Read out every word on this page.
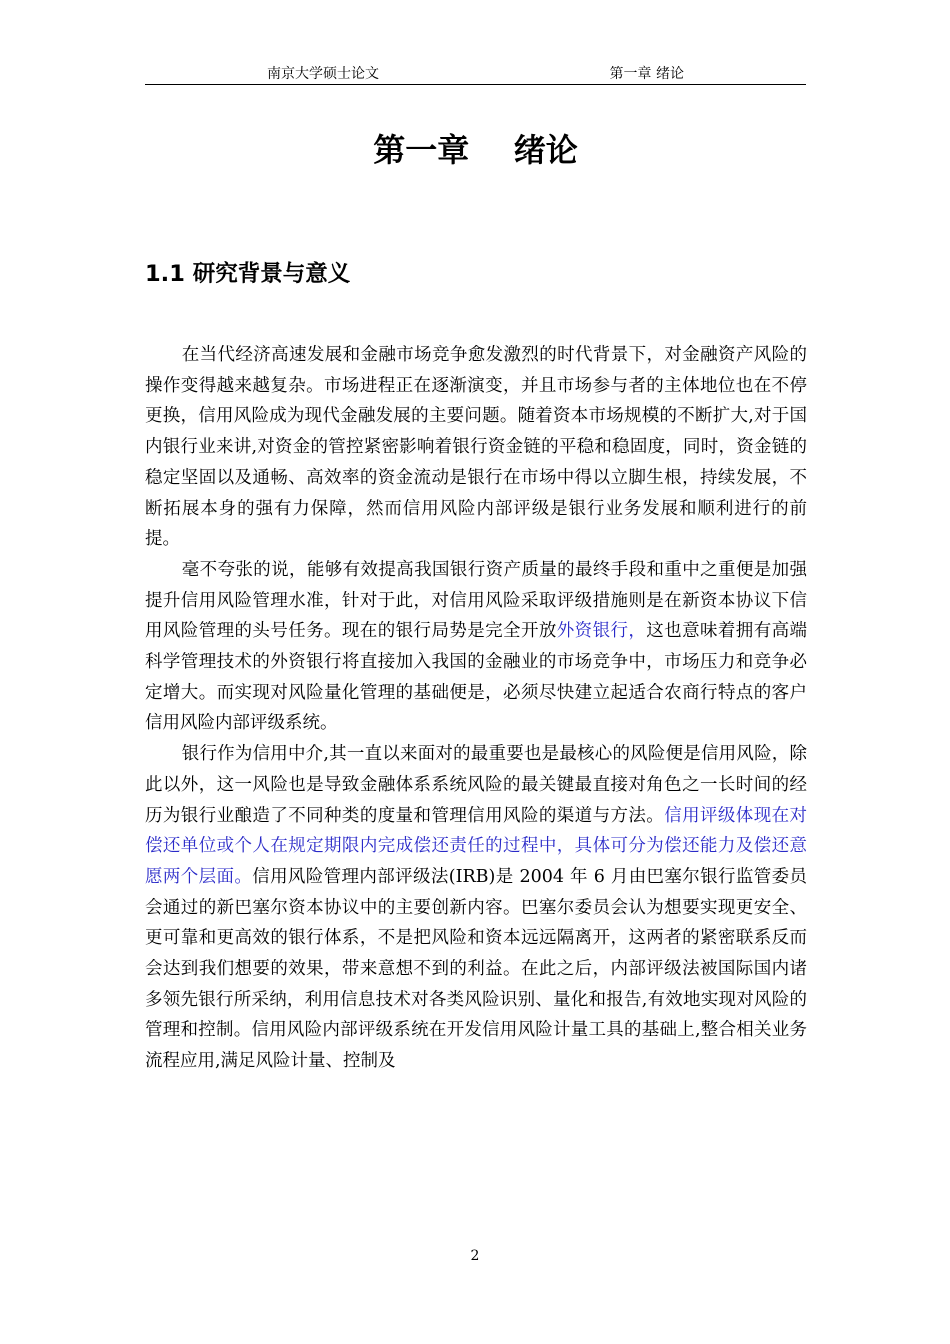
南京大学硕士论文	第一章 绪论
第一章    绪论
1.1 研究背景与意义

在当代经济高速发展和金融市场竞争愈发激烈的时代背景下，对金融资产风险的操作变得越来越复杂。市场进程正在逐渐演变，并且市场参与者的主体地位也在不停更换，信用风险成为现代金融发展的主要问题。随着资本市场规模的不断扩大,对于国内银行业来讲,对资金的管控紧密影响着银行资金链的平稳和稳固度，同时，资金链的稳定坚固以及通畅、高效率的资金流动是银行在市场中得以立脚生根，持续发展，不断拓展本身的强有力保障，然而信用风险内部评级是银行业务发展和顺利进行的前提。

毫不夸张的说，能够有效提高我国银行资产质量的最终手段和重中之重便是加强提升信用风险管理水准，针对于此，对信用风险采取评级措施则是在新资本协议下信用风险管理的头号任务。现在的银行局势是完全开放外资银行，这也意味着拥有高端科学管理技术的外资银行将直接加入我国的金融业的市场竞争中，市场压力和竞争必定增大。而实现对风险量化管理的基础便是，必须尽快建立起适合农商行特点的客户信用风险内部评级系统。

银行作为信用中介,其一直以来面对的最重要也是最核心的风险便是信用风险，除此以外，这一风险也是导致金融体系系统风险的最关键最直接对角色之一长时间的经历为银行业酿造了不同种类的度量和管理信用风险的渠道与方法。信用评级体现在对偿还单位或个人在规定期限内完成偿还责任的过程中，具体可分为偿还能力及偿还意愿两个层面。信用风险管理内部评级法(IRB)是 2004 年 6 月由巴塞尔银行监管委员会通过的新巴塞尔资本协议中的主要创新内容。巴塞尔委员会认为想要实现更安全、更可靠和更高效的银行体系，不是把风险和资本远远隔离开，这两者的紧密联系反而会达到我们想要的效果，带来意想不到的利益。在此之后，内部评级法被国际国内诸多领先银行所采纳，利用信息技术对各类风险识别、量化和报告,有效地实现对风险的管理和控制。信用风险内部评级系统在开发信用风险计量工具的基础上,整合相关业务流程应用,满足风险计量、控制及

2
